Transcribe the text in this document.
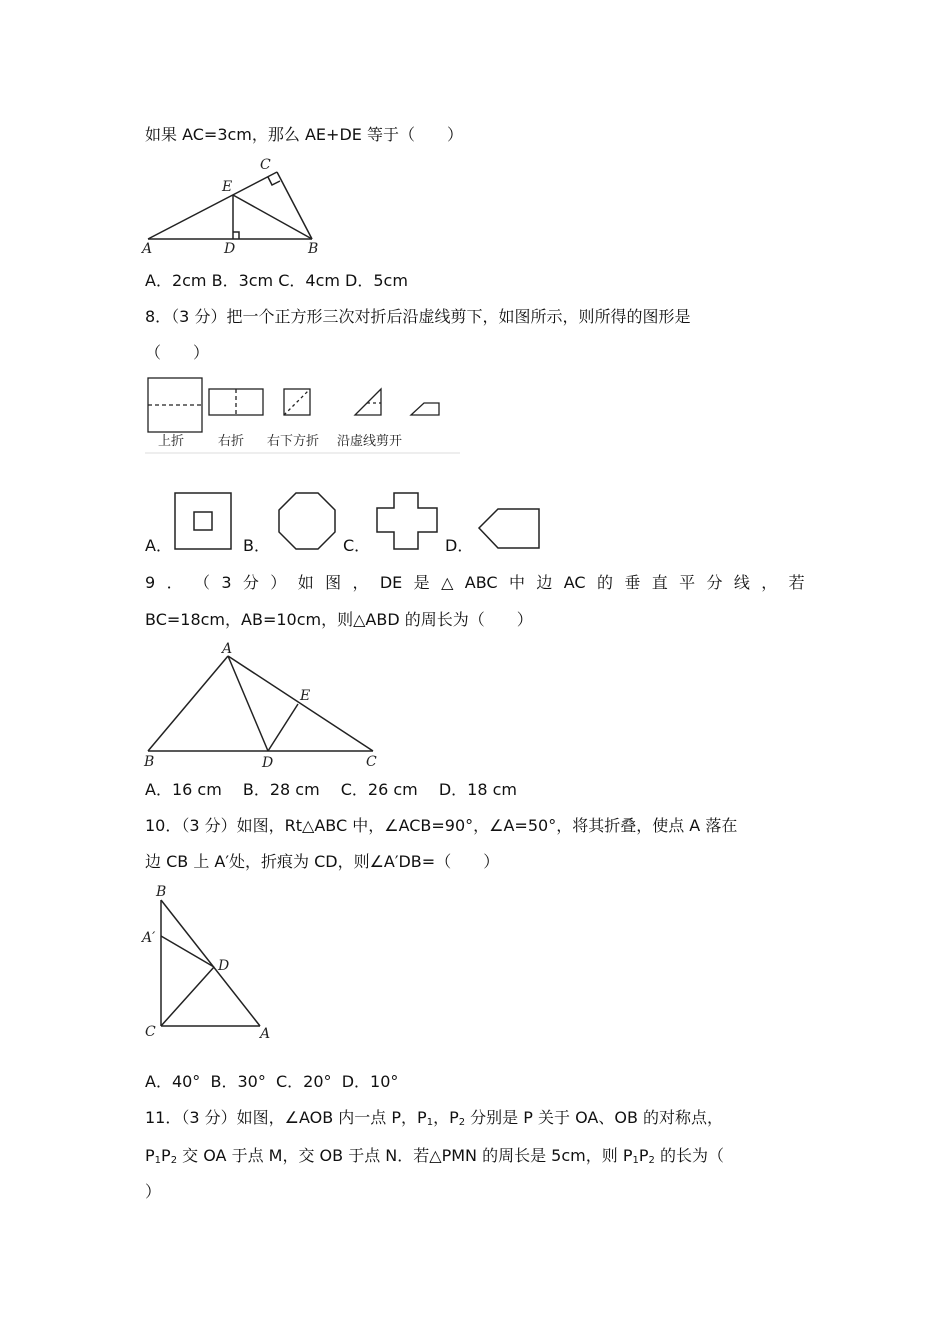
如果 AC=3cm，那么 AE+DE 等于（　　）
A	B
C
D
E
A．2cm B．3cm C．4cm D．5cm
8．（3 分）把一个正方形三次对折后沿虚线剪下，如图所示，则所得的图形是
（　　）
上折	右折 右下方折 沿虚线剪开
A．	B．	C．	D．
9 ． （ 3 分 ） 如 图 ， DE 是 △ ABC 中 边 AC 的 垂 直 平 分 线 ， 若
BC=18cm，AB=10cm，则△ABD 的周长为（　　）
A
B	C
D
E
A．16 cm　 B．28 cm　 C．26 cm　 D．18 cm
10．（3 分）如图，Rt△ABC 中，∠ACB=90°，∠A=50°，将其折叠，使点 A 落在
边 CB 上 A′处，折痕为 CD，则∠A′DB=（　　）
B
A′
D
C	A
A．40°  B．30°  C．20°  D．10°
11．（3 分）如图，∠AOB 内一点 P，$P_1$，$P_2$ 分别是 P 关于 OA、OB 的对称点，
$P_1P_2$ 交 OA 于点 M，交 OB 于点 N．若△PMN 的周长是 5cm，则 $P_1P_2$ 的长为（
）
